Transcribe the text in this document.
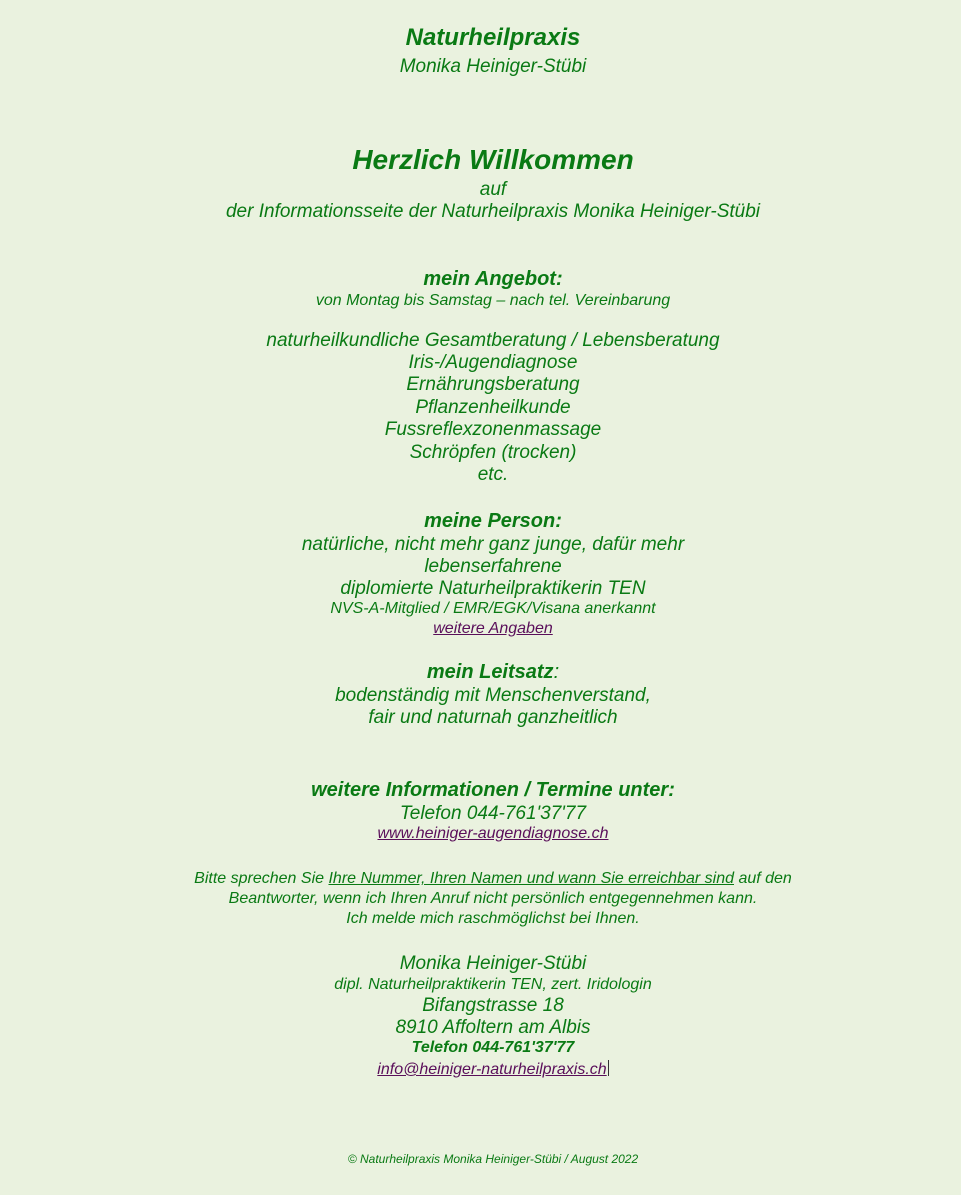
Naturheilpraxis
Monika Heiniger-Stübi
Herzlich Willkommen
auf
der Informationsseite der Naturheilpraxis Monika Heiniger-Stübi
mein Angebot:
von Montag bis Samstag – nach tel. Vereinbarung
naturheilkundliche Gesamtberatung / Lebensberatung
Iris-/Augendiagnose
Ernährungsberatung
Pflanzenheilkunde
Fussreflexzonenmassage
Schröpfen (trocken)
etc.
meine Person:
natürliche, nicht mehr ganz junge, dafür mehr
lebenserfahrene
diplomierte Naturheilpraktikerin TEN
NVS-A-Mitglied / EMR/EGK/Visana anerkannt
weitere Angaben
mein Leitsatz:
bodenständig mit Menschenverstand,
fair und naturnah ganzheitlich
weitere Informationen / Termine unter:
Telefon 044-761'37'77
www.heiniger-augendiagnose.ch
Bitte sprechen Sie Ihre Nummer, Ihren Namen und wann Sie erreichbar sind auf den
Beantworter, wenn ich Ihren Anruf nicht persönlich entgegennehmen kann.
Ich melde mich raschmöglichst bei Ihnen.
Monika Heiniger-Stübi
dipl. Naturheilpraktikerin TEN, zert. Iridologin
Bifangstrasse 18
8910 Affoltern am Albis
Telefon 044-761'37'77
info@heiniger-naturheilpraxis.ch
© Naturheilpraxis Monika Heiniger-Stübi / August 2022
